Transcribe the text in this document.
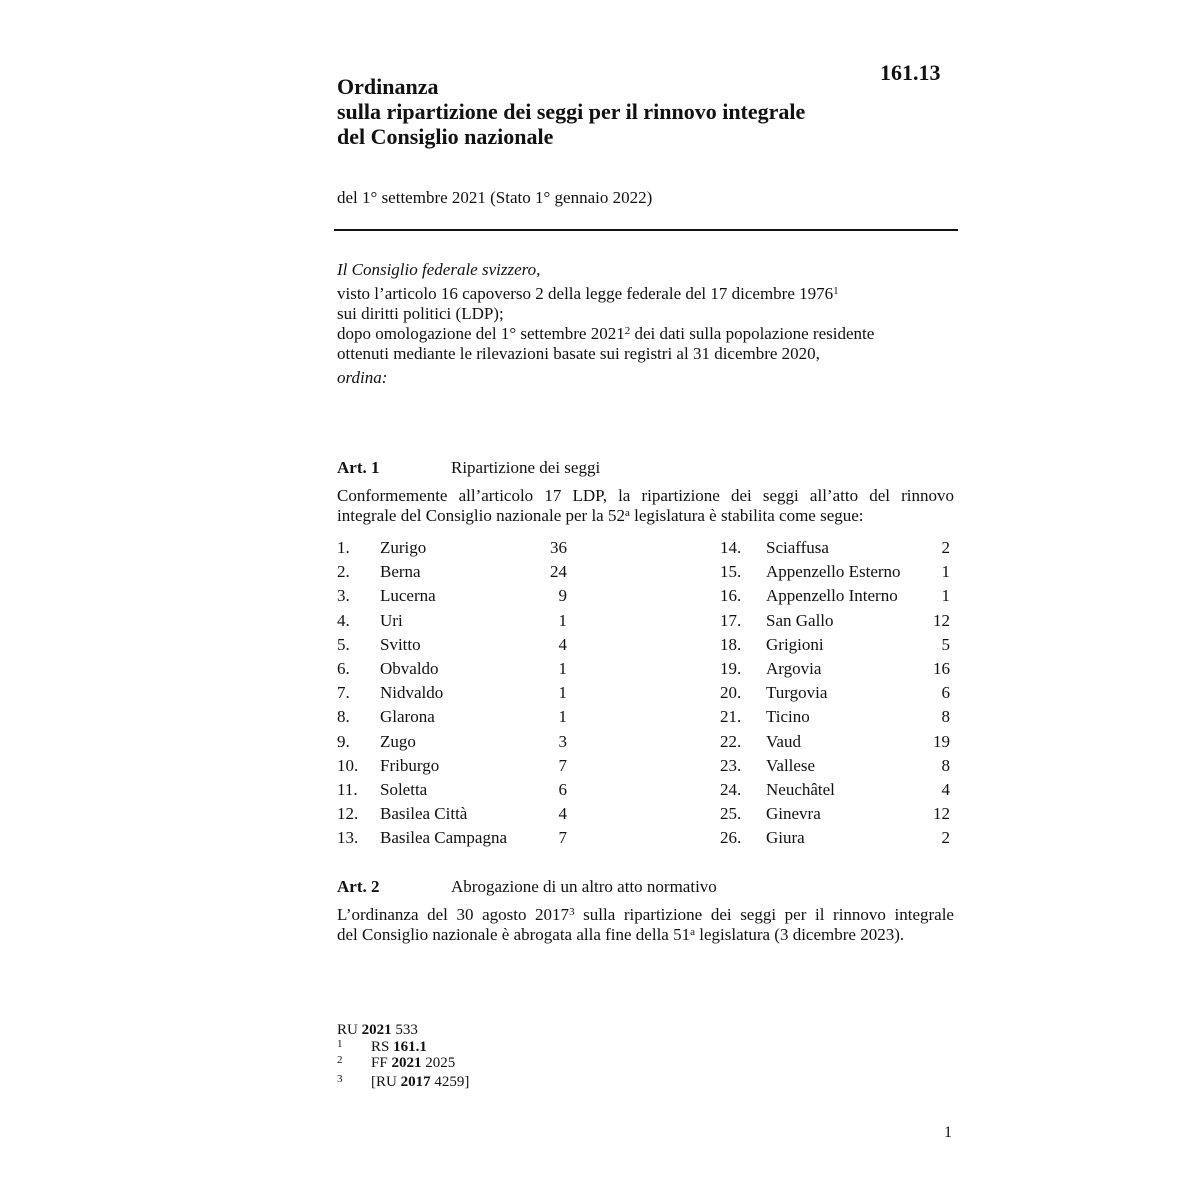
161.13
Ordinanza
sulla ripartizione dei seggi per il rinnovo integrale
del Consiglio nazionale
del 1° settembre 2021 (Stato 1° gennaio 2022)
Il Consiglio federale svizzero,
visto l’articolo 16 capoverso 2 della legge federale del 17 dicembre 1976$^1$
sui diritti politici (LDP);
dopo omologazione del 1° settembre 2021$^2$ dei dati sulla popolazione residente
ottenuti mediante le rilevazioni basate sui registri al 31 dicembre 2020,
ordina:
Art. 1	Ripartizione dei seggi
Conformemente all’articolo 17 LDP, la ripartizione dei seggi all’atto del rinnovo
integrale del Consiglio nazionale per la 52$^a$ legislatura è stabilita come segue:
1. Zurigo	36
2. Berna	24
3. Lucerna	9
4. Uri	1
5. Svitto	4
6. Obvaldo	1
7. Nidvaldo	1
8. Glarona	1
9. Zugo	3
10. Friburgo	7
11. Soletta	6
12. Basilea Città	4
13. Basilea Campagna	7
14. Sciaffusa	2
15. Appenzello Esterno	1
16. Appenzello Interno	1
17. San Gallo	12
18. Grigioni	5
19. Argovia	16
20. Turgovia	6
21. Ticino	8
22. Vaud	19
23. Vallese	8
24. Neuchâtel	4
25. Ginevra	12
26. Giura	2
Art. 2	Abrogazione di un altro atto normativo
L’ordinanza del 30 agosto 2017$^3$ sulla ripartizione dei seggi per il rinnovo integrale
del Consiglio nazionale è abrogata alla fine della 51$^a$ legislatura (3 dicembre 2023).
RU 2021 533
1 RS 161.1
2 FF 2021 2025
3 [RU 2017 4259]
1
